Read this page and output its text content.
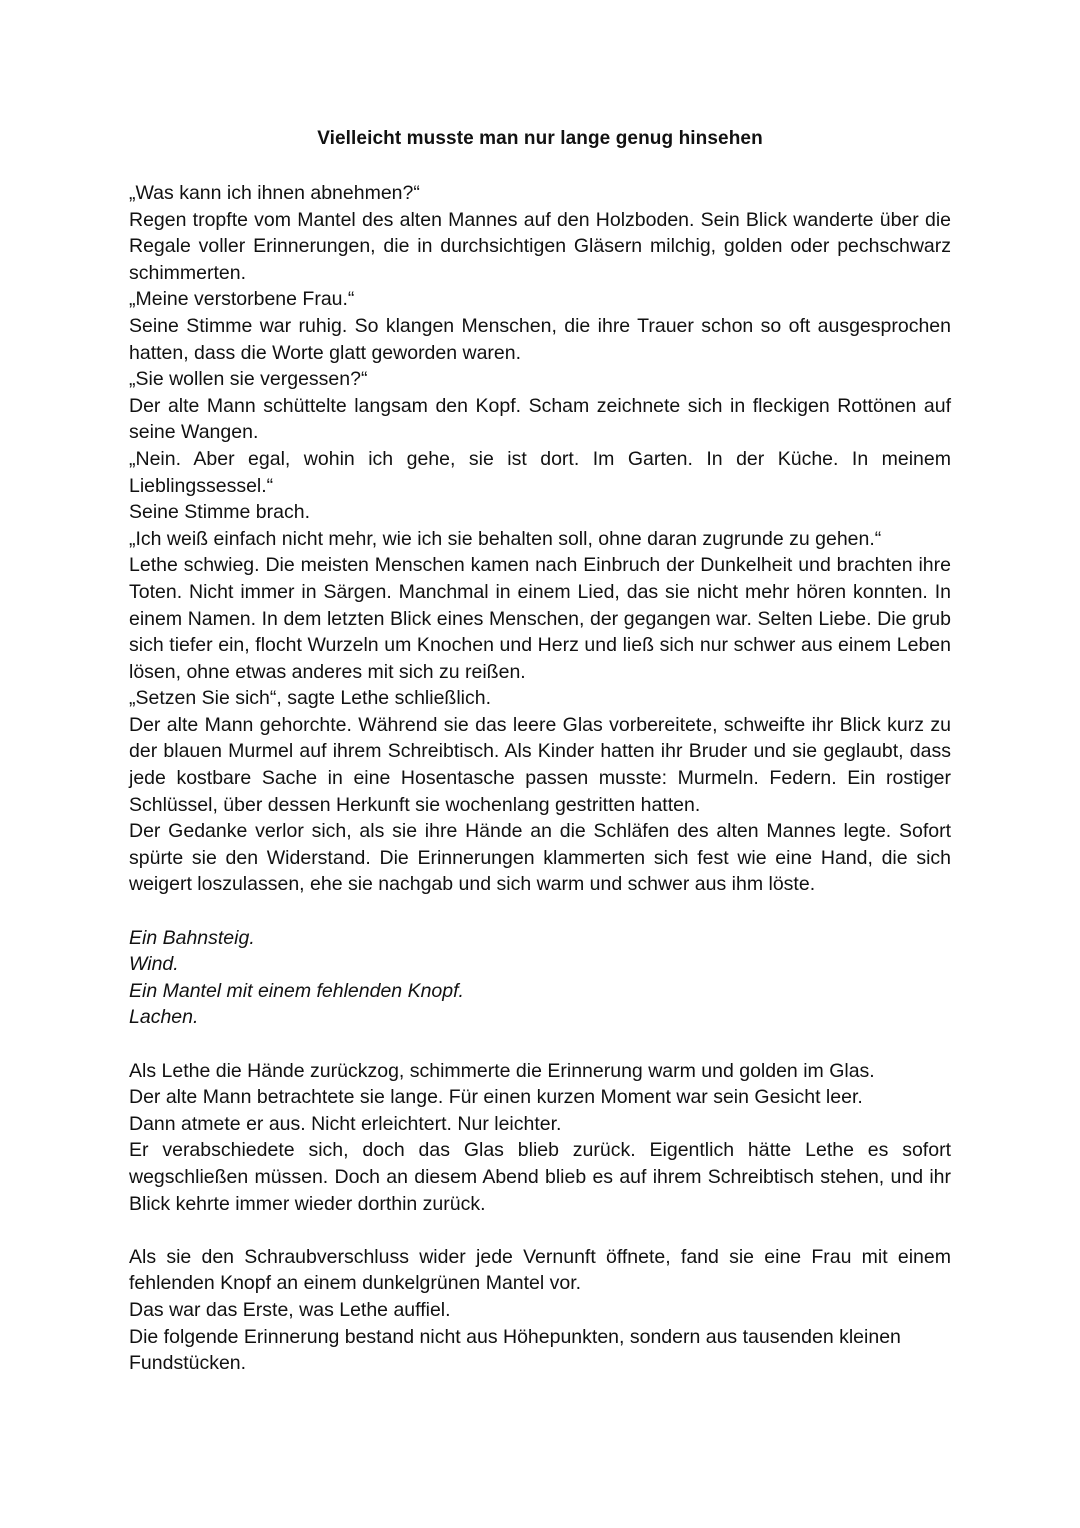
Vielleicht musste man nur lange genug hinsehen

„Was kann ich ihnen abnehmen?“

Regen tropfte vom Mantel des alten Mannes auf den Holzboden. Sein Blick wanderte über die Regale voller Erinnerungen, die in durchsichtigen Gläsern milchig, golden oder pechschwarz schimmerten.

„Meine verstorbene Frau.“

Seine Stimme war ruhig. So klangen Menschen, die ihre Trauer schon so oft ausgesprochen hatten, dass die Worte glatt geworden waren.

„Sie wollen sie vergessen?“

Der alte Mann schüttelte langsam den Kopf. Scham zeichnete sich in fleckigen Rottönen auf seine Wangen.

„Nein. Aber egal, wohin ich gehe, sie ist dort. Im Garten. In der Küche. In meinem Lieblingssessel.“

Seine Stimme brach.

„Ich weiß einfach nicht mehr, wie ich sie behalten soll, ohne daran zugrunde zu gehen.“

Lethe schwieg. Die meisten Menschen kamen nach Einbruch der Dunkelheit und brachten ihre Toten. Nicht immer in Särgen. Manchmal in einem Lied, das sie nicht mehr hören konnten. In einem Namen. In dem letzten Blick eines Menschen, der gegangen war. Selten Liebe. Die grub sich tiefer ein, flocht Wurzeln um Knochen und Herz und ließ sich nur schwer aus einem Leben lösen, ohne etwas anderes mit sich zu reißen.

„Setzen Sie sich“, sagte Lethe schließlich.

Der alte Mann gehorchte. Während sie das leere Glas vorbereitete, schweifte ihr Blick kurz zu der blauen Murmel auf ihrem Schreibtisch. Als Kinder hatten ihr Bruder und sie geglaubt, dass jede kostbare Sache in eine Hosentasche passen musste: Murmeln. Federn. Ein rostiger Schlüssel, über dessen Herkunft sie wochenlang gestritten hatten.

Der Gedanke verlor sich, als sie ihre Hände an die Schläfen des alten Mannes legte. Sofort spürte sie den Widerstand. Die Erinnerungen klammerten sich fest wie eine Hand, die sich weigert loszulassen, ehe sie nachgab und sich warm und schwer aus ihm löste.

Ein Bahnsteig.

Wind.

Ein Mantel mit einem fehlenden Knopf.

Lachen.

Als Lethe die Hände zurückzog, schimmerte die Erinnerung warm und golden im Glas.

Der alte Mann betrachtete sie lange. Für einen kurzen Moment war sein Gesicht leer.

Dann atmete er aus. Nicht erleichtert. Nur leichter.

Er verabschiedete sich, doch das Glas blieb zurück. Eigentlich hätte Lethe es sofort wegschließen müssen. Doch an diesem Abend blieb es auf ihrem Schreibtisch stehen, und ihr Blick kehrte immer wieder dorthin zurück.

Als sie den Schraubverschluss wider jede Vernunft öffnete, fand sie eine Frau mit einem fehlenden Knopf an einem dunkelgrünen Mantel vor.

Das war das Erste, was Lethe auffiel.

Die folgende Erinnerung bestand nicht aus Höhepunkten, sondern aus tausenden kleinen Fundstücken.
